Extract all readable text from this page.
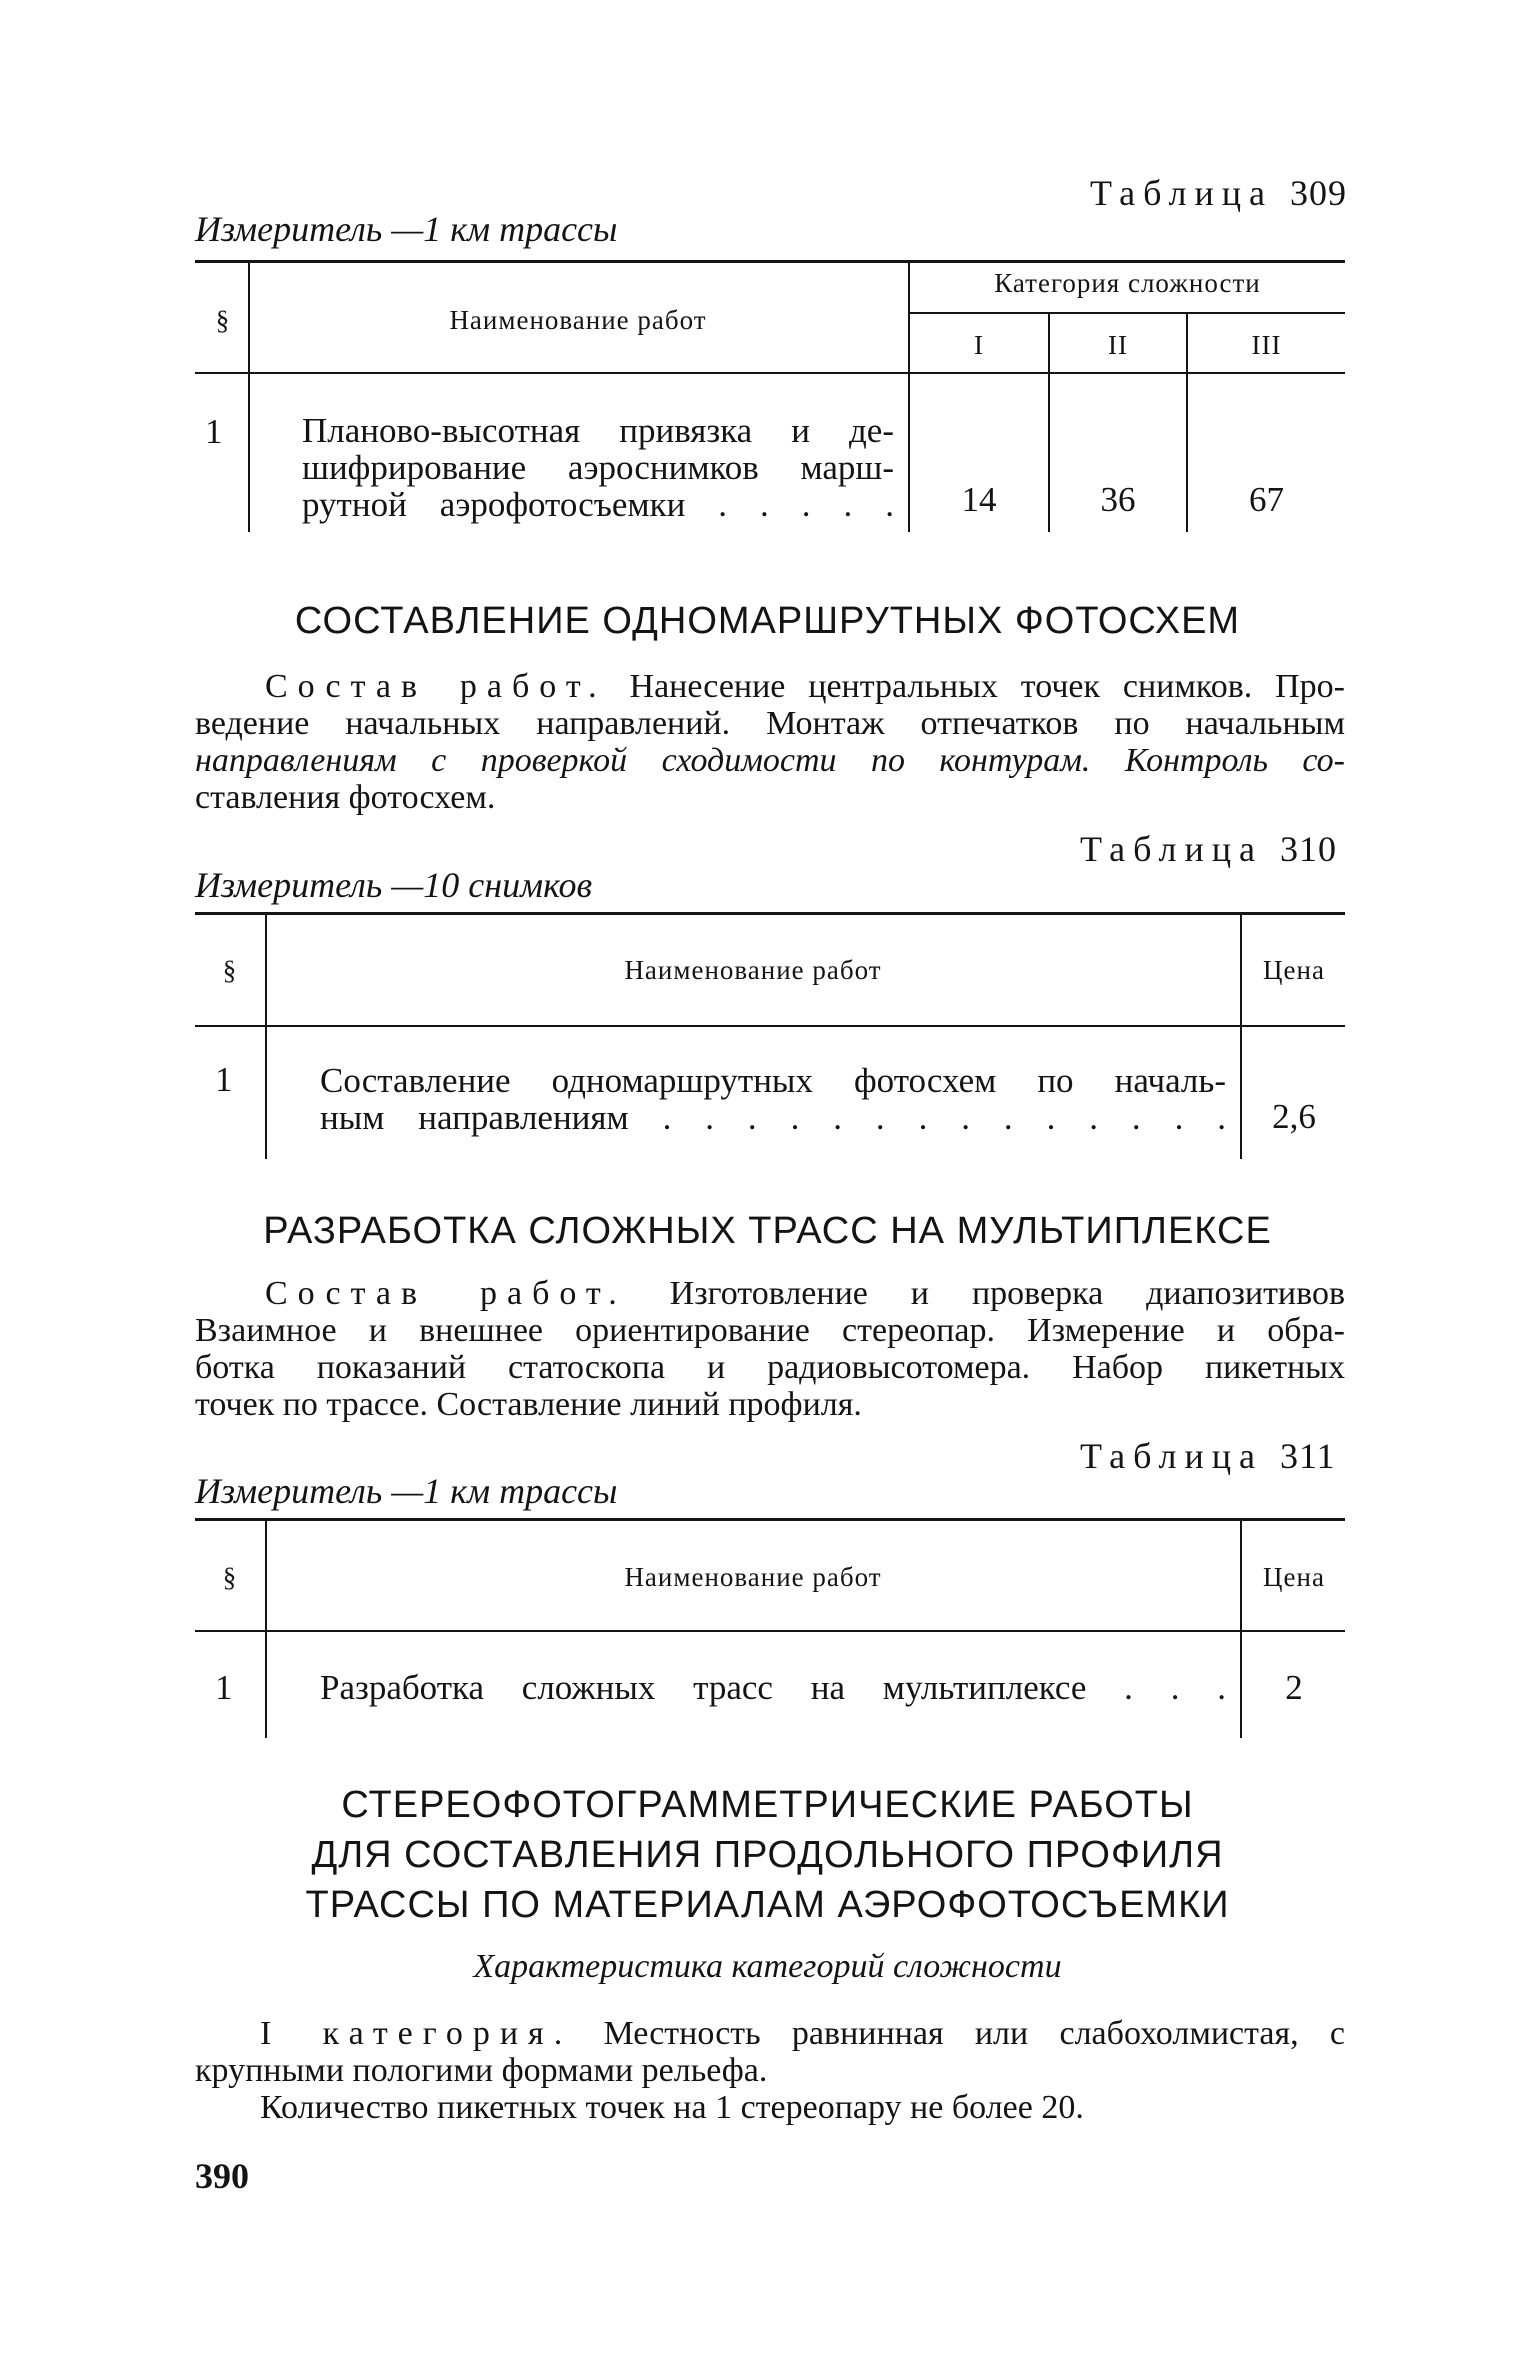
Таблица 309
Измеритель —1 км трассы
§	Наименование работ
Категория сложности
I	II	III
1	Планово-высотная привязка и де-
шифрирование аэроснимков марш-
рутной аэрофотосъемки . . . . .	14	36	67
СОСТАВЛЕНИЕ ОДНОМАРШРУТНЫХ ФОТОСХЕМ
Состав работ. Нанесение центральных точек снимков. Про-
ведение начальных направлений. Монтаж отпечатков по начальным
направлениям с проверкой сходимости по контурам. Контроль со-
ставления фотосхем.
Таблица 310
Измеритель —10 снимков
§	Наименование работ	Цена
1	Составление одномаршрутных фотосхем по началь-
ным направлениям . . . . . . . . . . . . . .	2,6
РАЗРАБОТКА СЛОЖНЫХ ТРАСС НА МУЛЬТИПЛЕКСЕ
Состав работ. Изготовление и проверка диапозитивов
Взаимное и внешнее ориентирование стереопар. Измерение и обра-
ботка показаний статоскопа и радиовысотомера. Набор пикетных
точек по трассе. Составление линий профиля.
Таблица 311
Измеритель —1 км трассы
§	Наименование работ	Цена
1	Разработка сложных трасс на мультиплексе . . .	2
СТЕРЕОФОТОГРАММЕТРИЧЕСКИЕ РАБОТЫ
ДЛЯ СОСТАВЛЕНИЯ ПРОДОЛЬНОГО ПРОФИЛЯ
ТРАССЫ ПО МАТЕРИАЛАМ АЭРОФОТОСЪЕМКИ
Характеристика категорий сложности
I категория. Местность равнинная или слабохолмистая, с
крупными пологими формами рельефа.
Количество пикетных точек на 1 стереопару не более 20.
390
